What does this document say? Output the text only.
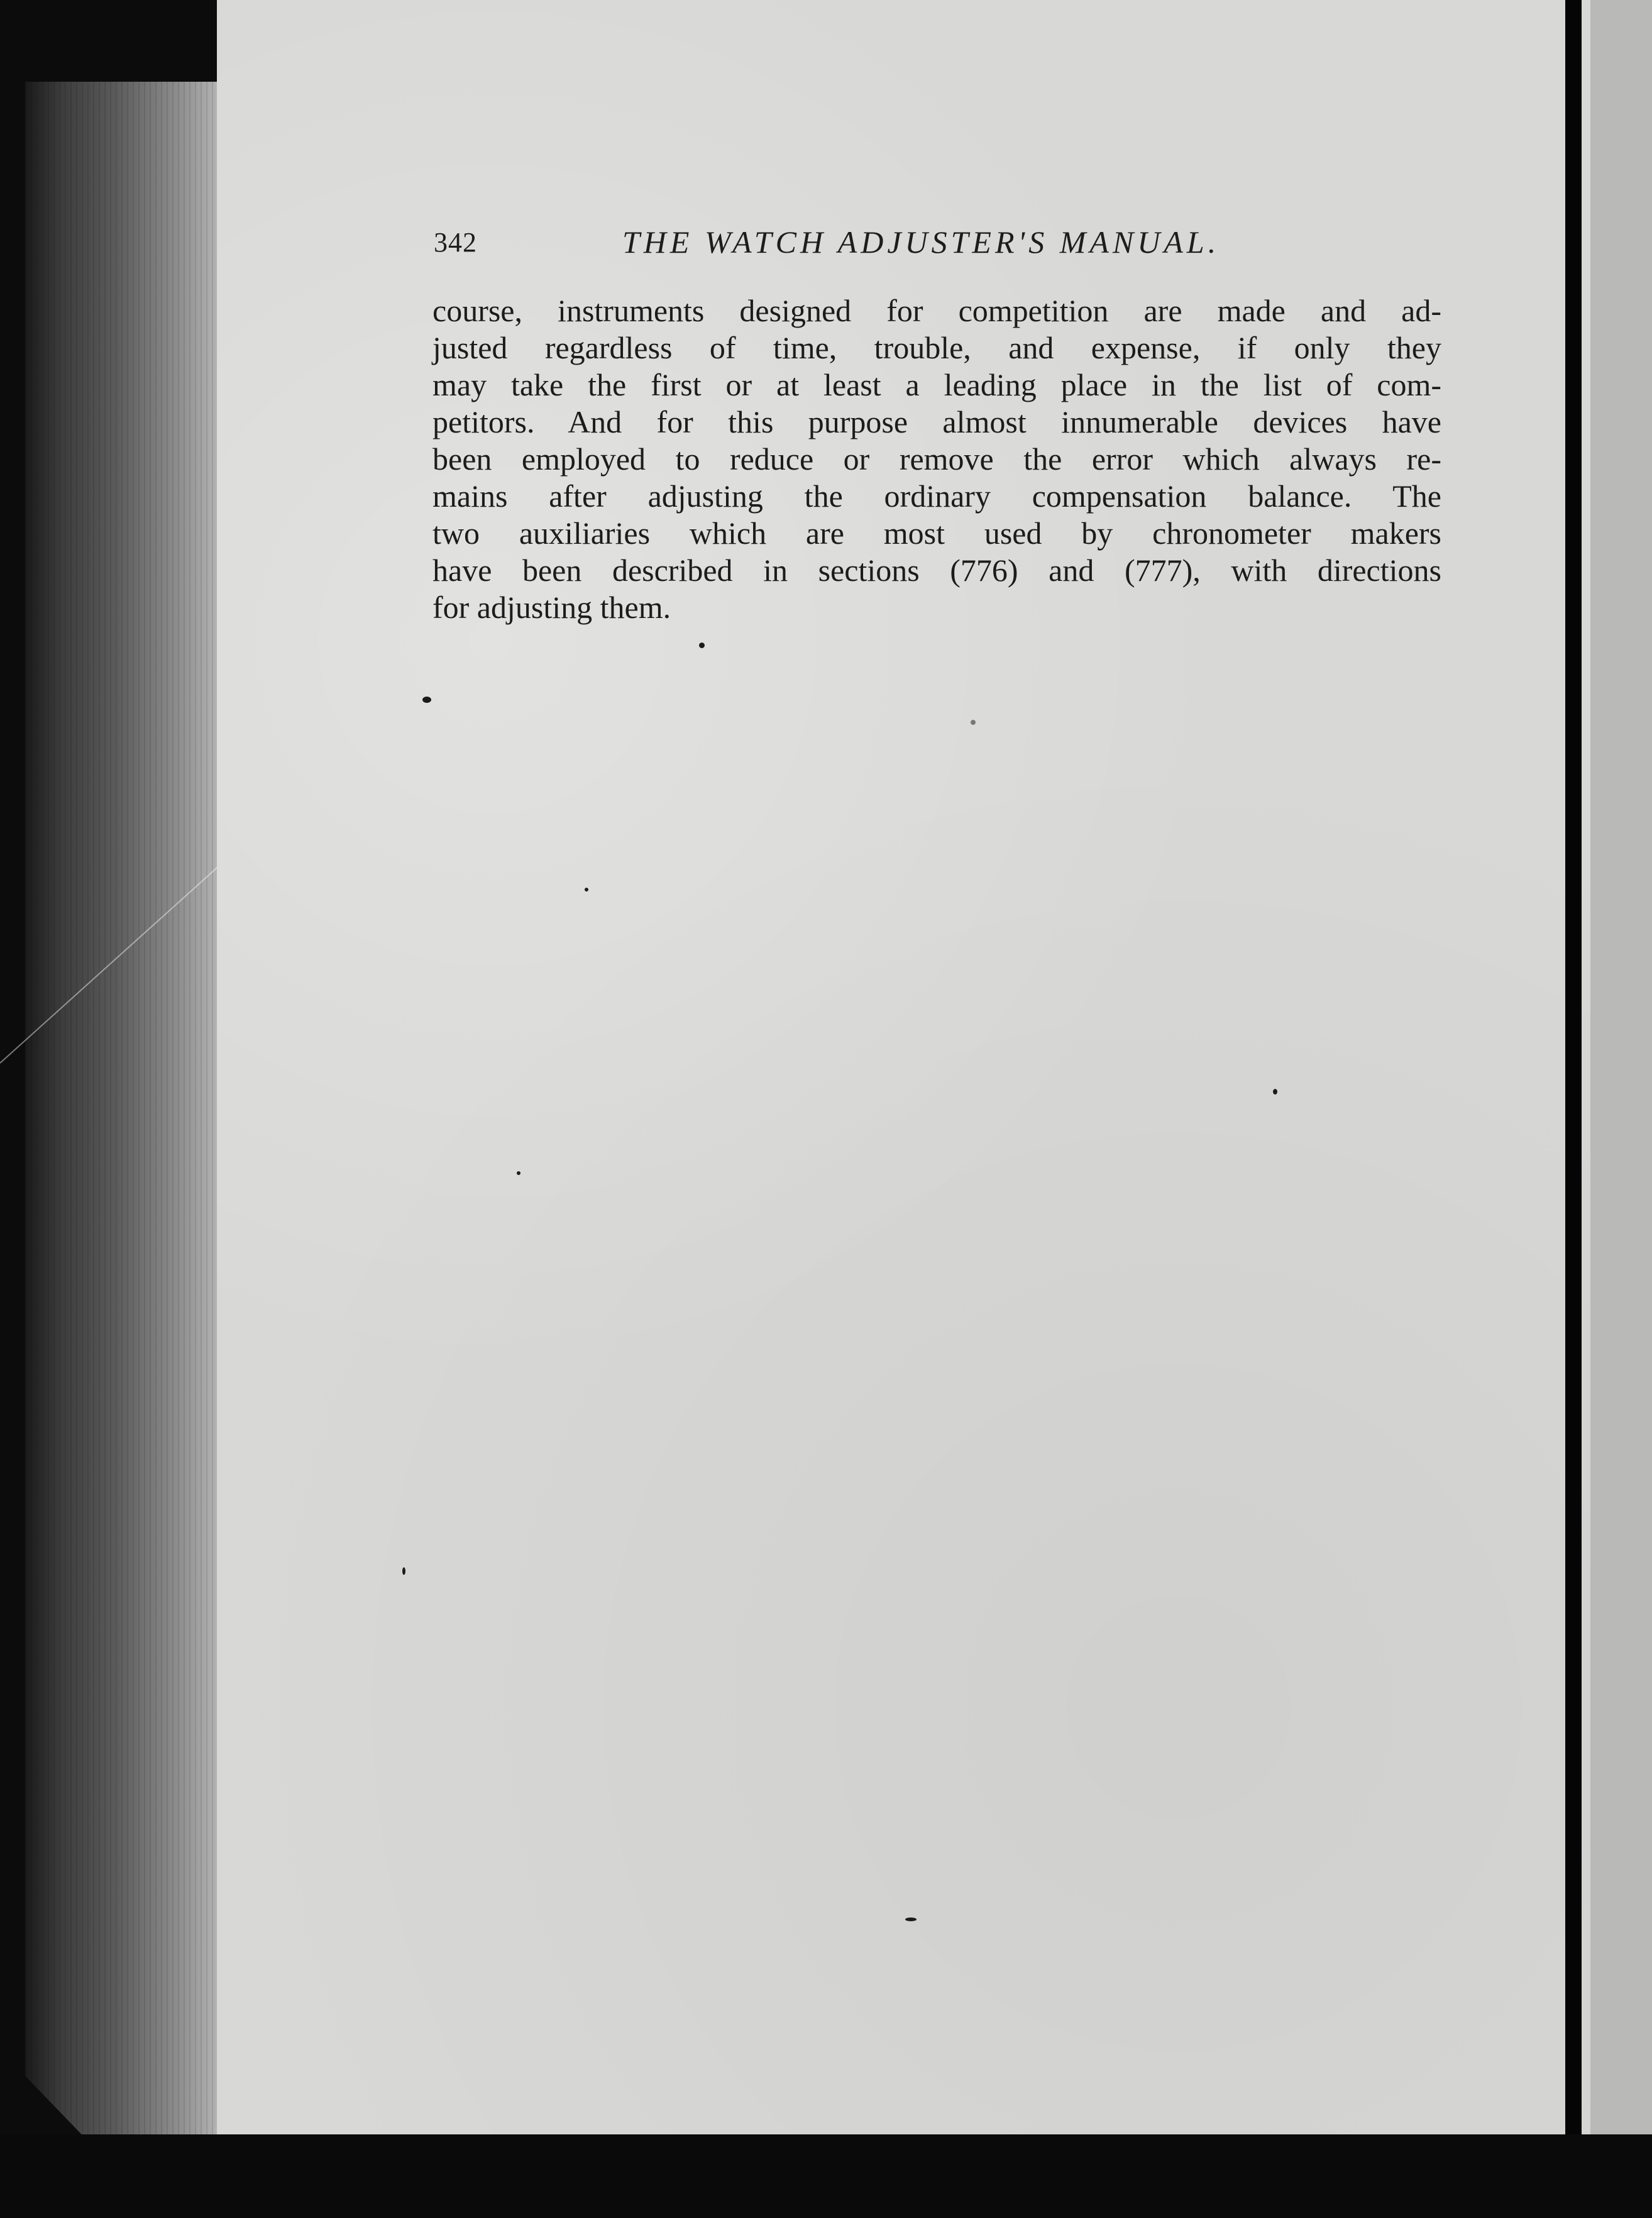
342	THE WATCH ADJUSTER'S MANUAL.
course, instruments designed for competition are made and ad-
justed regardless of time, trouble, and expense, if only they
may take the first or at least a leading place in the list of com-
petitors. And for this purpose almost innumerable devices have
been employed to reduce or remove the error which always re-
mains after adjusting the ordinary compensation balance. The
two auxiliaries which are most used by chronometer makers
have been described in sections (776) and (777), with directions
for adjusting them.
